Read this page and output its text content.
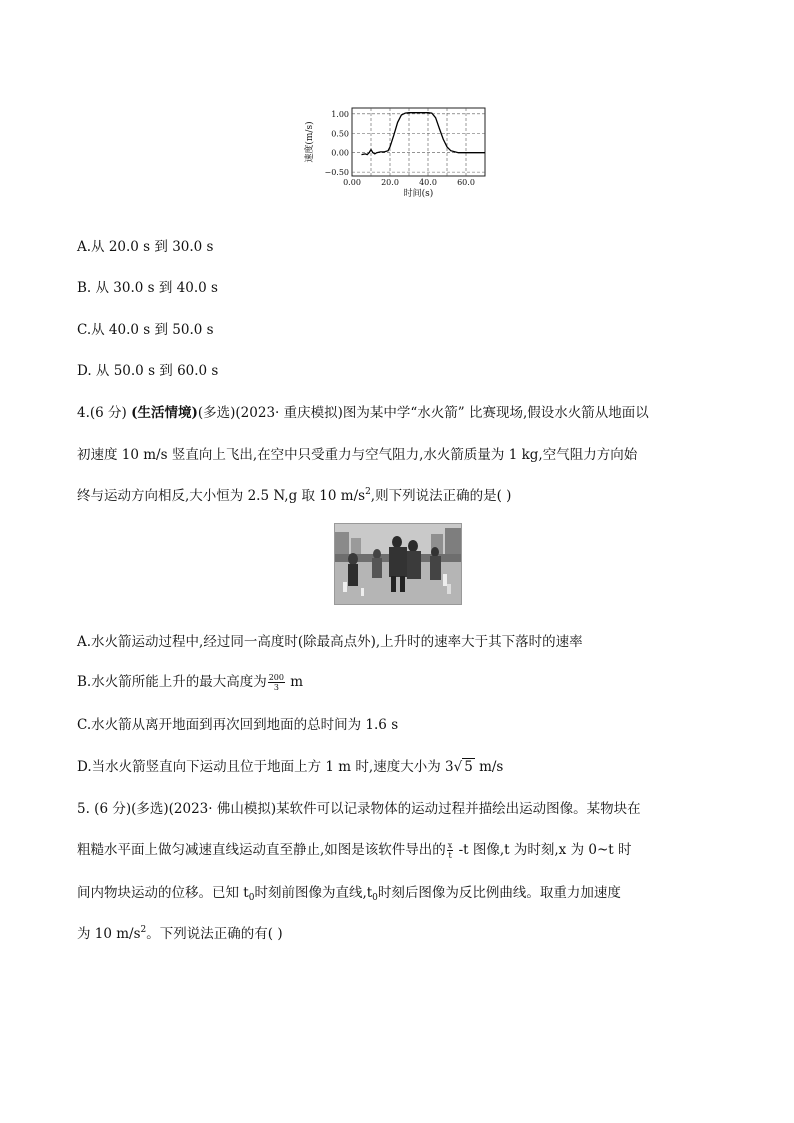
0.00	20.0	40.0	60.0
1.00
0.50
0.00
−0.50
时间(s)
速度(m/s)
A.从 20.0 s 到 30.0 s
B. 从 30.0 s 到 40.0 s
C.从 40.0 s 到 50.0 s
D. 从 50.0 s 到 60.0 s
4.(6 分) (生活情境)(多选)(2023· 重庆模拟)图为某中学“水火箭” 比赛现场,假设水火箭从地面以
初速度 10 m/s 竖直向上飞出,在空中只受重力与空气阻力,水火箭质量为 1 kg,空气阻力方向始
终与运动方向相反,大小恒为 2.5 N,g 取 10 $m/s^2$,则下列说法正确的是( )
A.水火箭运动过程中,经过同一高度时(除最高点外),上升时的速率大于其下落时的速率
B.水火箭所能上升的最大高度为 $\frac{200}{3}$ m
C.水火箭从离开地面到再次回到地面的总时间为 1.6 s
D.当水火箭竖直向下运动且位于地面上方 1 m 时,速度大小为 3√ 5 m/s
5. (6 分)(多选)(2023· 佛山模拟)某软件可以记录物体的运动过程并描绘出运动图像。某物块在
粗糙水平面上做匀减速直线运动直至静止,如图是该软件导出的 $\frac{x}{t} -t$ 图像,t 为时刻,x 为 0~t 时
间内物块运动的位移。已知 $t_0$时刻前图像为直线$,t_0$时刻后图像为反比例曲线。取重力加速度
为 10 $m/s^2$。下列说法正确的有( )
